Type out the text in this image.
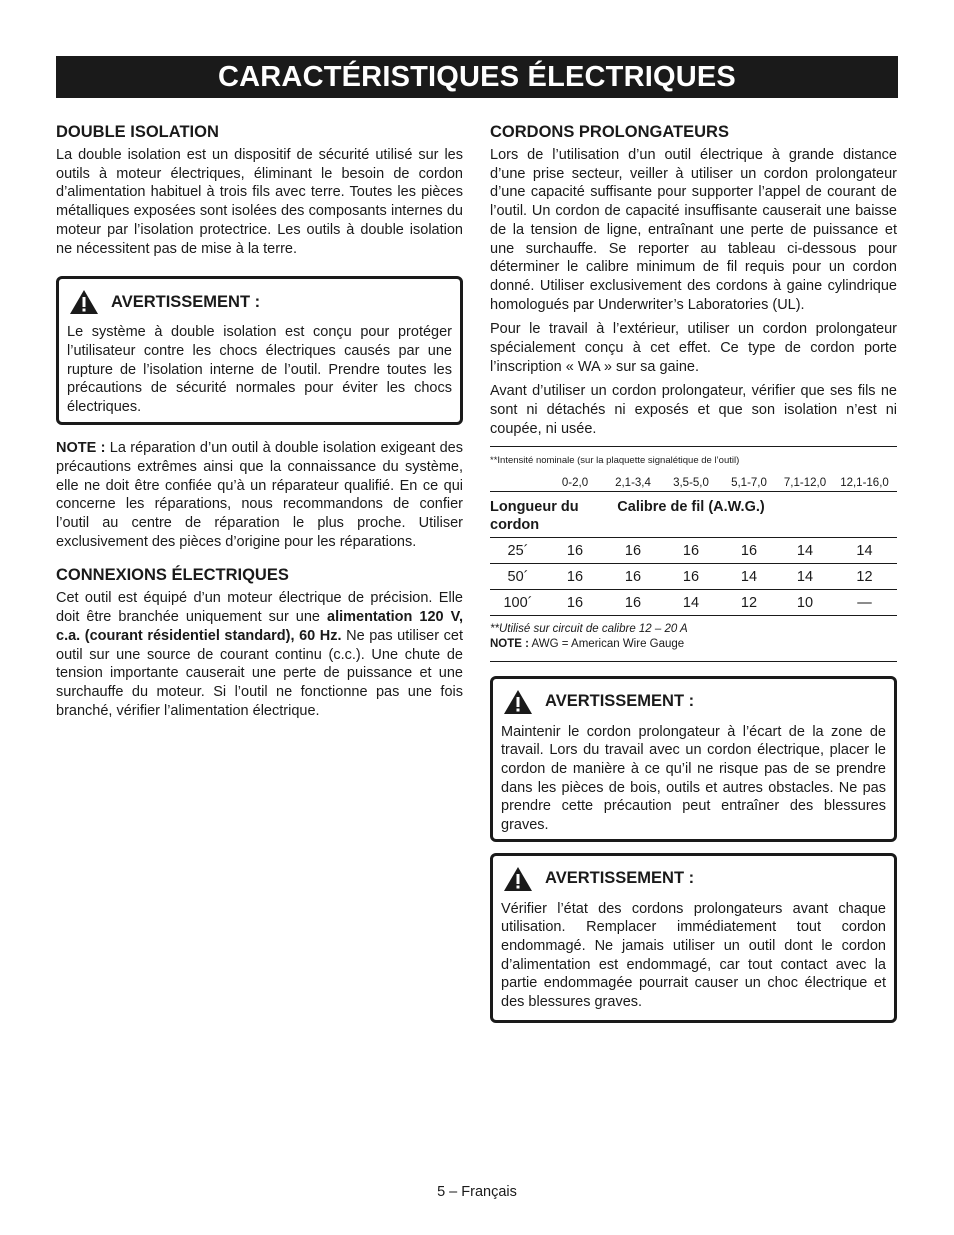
CARACTÉRISTIQUES ÉLECTRIQUES
DOUBLE ISOLATION

La double isolation est un dispositif de sécurité utilisé sur les outils à moteur électriques, éliminant le besoin de cordon d’alimentation habituel à trois fils avec terre. Toutes les pièces métalliques exposées sont isolées des composants internes du moteur par l’isolation protectrice. Les outils à double isolation ne nécessitent pas de mise à la terre.

AVERTISSEMENT :

Le système à double isolation est conçu pour protéger l’utilisateur contre les chocs électriques causés par une rupture de l’isolation interne de l’outil. Prendre toutes les précautions de sécurité normales pour éviter les chocs électriques.

NOTE : La réparation d’un outil à double isolation exigeant des précautions extrêmes ainsi que la connaissance du système, elle ne doit être confiée qu’à un réparateur qualifié. En ce qui concerne les réparations, nous recommandons de confier l’outil au centre de réparation le plus proche. Utiliser exclusivement des pièces d’origine pour les réparations.

CONNEXIONS ÉLECTRIQUES

Cet outil est équipé d’un moteur électrique de précision. Elle doit être branchée uniquement sur une alimentation 120 V, c.a. (courant résidentiel standard), 60 Hz. Ne pas utiliser cet outil sur une source de courant continu (c.c.). Une chute de tension importante causerait une perte de puissance et une surchauffe du moteur. Si l’outil ne fonctionne pas une fois branché, vérifier l’alimentation électrique.

CORDONS PROLONGATEURS

Lors de l’utilisation d’un outil électrique à grande distance d’une prise secteur, veiller à utiliser un cordon prolongateur d’une capacité suffisante pour supporter l’appel de courant de l’outil. Un cordon de capacité insuffisante causerait une baisse de la tension de ligne, entraînant une perte de puissance et une surchauffe. Se reporter au tableau ci-dessous pour déterminer le calibre minimum de fil requis pour un cordon donné. Utiliser exclusivement des cordons à gaine cylindrique homologués par Underwriter’s Laboratories (UL).

Pour le travail à l’extérieur, utiliser un cordon prolongateur spécialement conçu à cet effet. Ce type de cordon porte l’inscription « WA » sur sa gaine.

Avant d’utiliser un cordon prolongateur, vérifier que ses fils ne sont ni détachés ni exposés et que son isolation n’est ni coupée, ni usée.

**Intensité nominale (sur la plaquette signalétique de l’outil)
	0-2,0	2,1-3,4	3,5-5,0	5,1-7,0	7,1-12,0	12,1-16,0
Longueur du cordon		Calibre de fil (A.W.G.)				
25´	16	16	16	16	14	14
50´	16	16	16	14	14	12
100´	16	16	14	12	10	—
**Utilisé sur circuit de calibre 12 – 20 A
NOTE : AWG = American Wire Gauge
AVERTISSEMENT :

Maintenir le cordon prolongateur à l’écart de la zone de travail. Lors du travail avec un cordon électrique, placer le cordon de manière à ce qu’il ne risque pas de se prendre dans les pièces de bois, outils et autres obstacles. Ne pas prendre cette précaution peut entraîner des blessures graves.

AVERTISSEMENT :

Vérifier l’état des cordons prolongateurs avant chaque utilisation. Remplacer immédiatement tout cordon endommagé. Ne jamais utiliser un outil dont le cordon d’alimentation est endommagé, car tout contact avec la partie endommagée pourrait causer un choc électrique et des blessures graves.

5 – Français
